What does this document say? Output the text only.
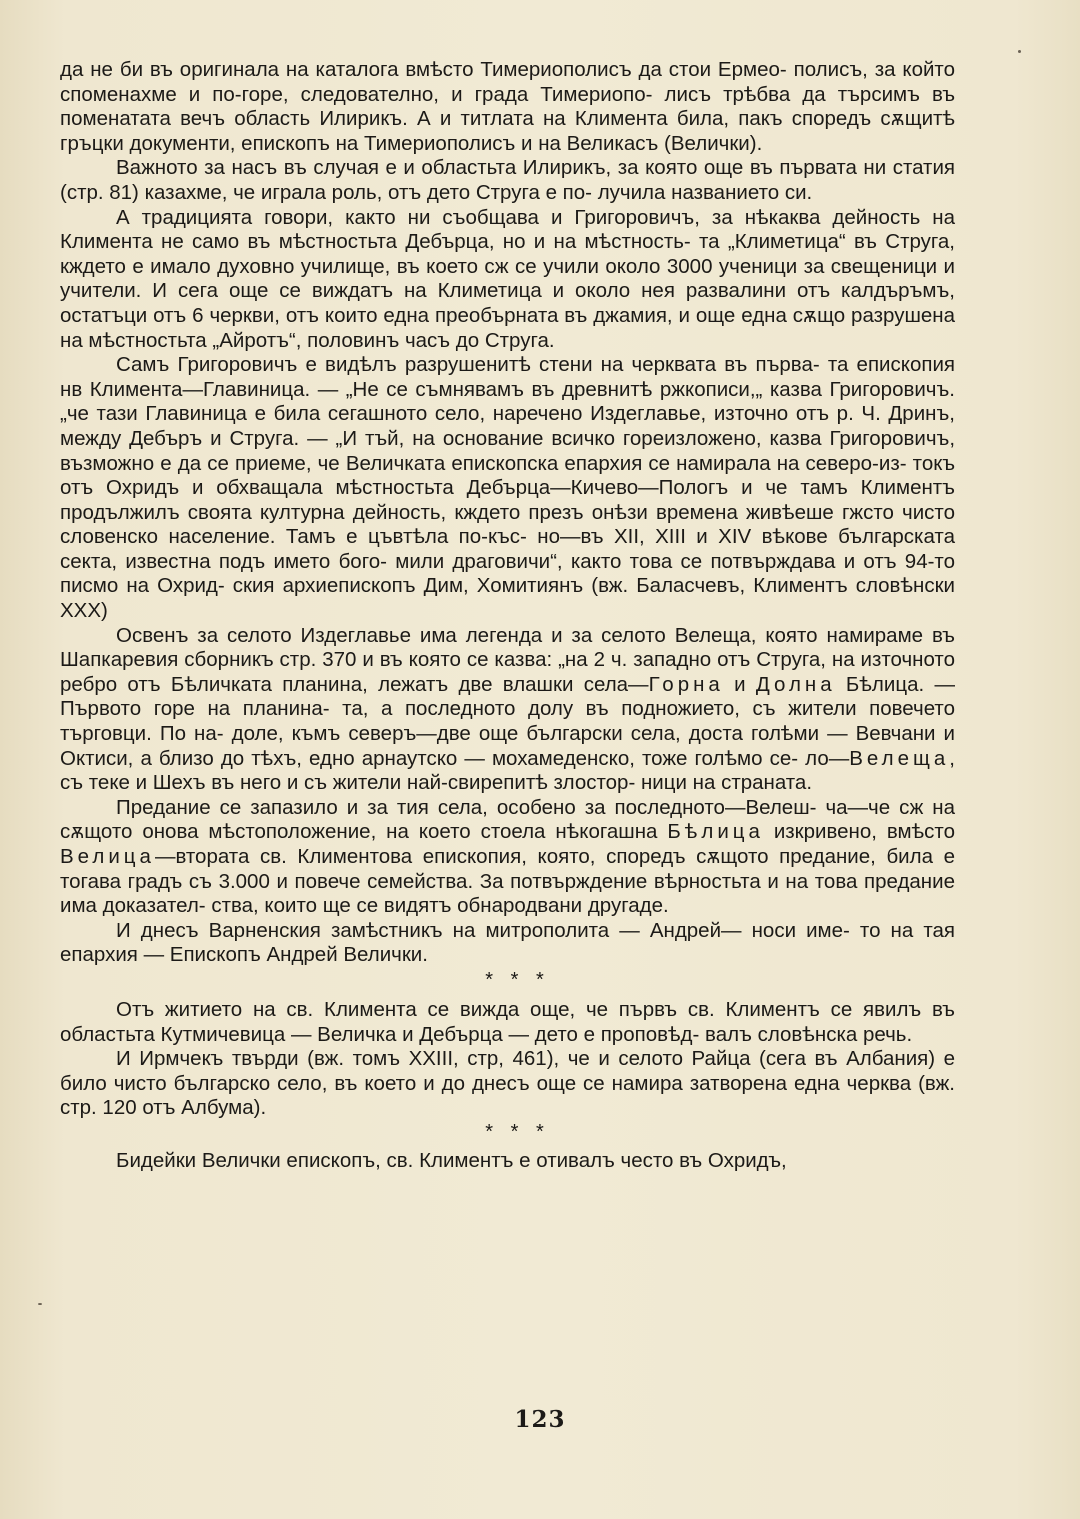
да не би въ оригинала на каталога вмѣсто Тимериополисъ да стои Ермео- полисъ, за който споменахме и по-горе, следователно, и града Тимериопо- лисъ трѣбва да търсимъ въ поменатата вечъ область Илирикъ. А и титлата на Климента била, пакъ споредъ сѫщитѣ гръцки документи, епископъ на Тимериополисъ и на Великасъ (Велички).

Важното за насъ въ случая е и областьта Илирикъ, за която още въ първата ни статия (стр. 81) казахме, че играла роль, отъ дето Струга е по- лучила названието си.

А традицията говори, както ни съобщава и Григоровичъ, за нѣкаква дейность на Климента не само въ мѣстностьта Дебърца, но и на мѣстность- та „Климетица“ въ Струга, кждето е имало духовно училище, въ което сж се учили около 3000 ученици за свещеници и учители. И сега още се виждатъ на Климетица и около нея развалини отъ калдъръмъ, остатъци отъ 6 черкви, отъ които една преобърната въ джамия, и още една сѫщо разрушена на мѣстностьта „Айротъ“, половинъ часъ до Струга.

Самъ Григоровичъ е видѣлъ разрушенитѣ стени на черквата въ първа- та епископия нв Климента—Главиница. — „Не се съмнявамъ въ древнитѣ ржкописи,„ казва Григоровичъ. „че тази Главиница е била сегашното село, наречено Издеглавье, източно отъ р. Ч. Дринъ, между Дебъръ и Струга. — „И тъй, на основание всичко гореизложено, казва Григоровичъ, възможно е да се приеме, че Величката епископска епархия се намирала на северо-из- токъ отъ Охридъ и обхващала мѣстностьта Дебърца—Кичево—Пологъ и че тамъ Климентъ продължилъ своята културна дейность, кждето презъ онѣзи времена живѣеше гжсто чисто словенско население. Тамъ е цъвтѣла по-къс- но—въ XII, XIII и XIV вѣкове българската секта, известна подъ името бого- мили драговичи“, както това се потвърждава и отъ 94-то писмо на Охрид- ския архиепископъ Дим, Хомитиянъ (вж. Баласчевъ, Климентъ словѣнски XXX)

Освенъ за селото Издеглавье има легенда и за селото Велеща, която намираме въ Шапкаревия сборникъ стр. 370 и въ която се казва: „на 2 ч. западно отъ Струга, на източното ребро отъ Бѣличката планина, лежатъ две влашки села—Горна и Долна Бѣлица. — Първото горе на планина- та, а последното долу въ подножието, съ жители повечето търговци. По на- доле, къмъ северъ—две още български села, доста голѣми — Вевчани и Октиси, а близо до тѣхъ, едно арнаутско — мохамеденско, тоже голѣмо се- ло—Велеща, съ теке и Шехъ въ него и съ жители най-свирепитѣ злостор- ници на страната.

Предание се запазило и за тия села, особено за последното—Велеш- ча—че сж на сѫщото онова мѣстоположение, на което стоела нѣкогашна Бѣлица изкривено, вмѣсто Велица—втората св. Климентова епископия, която, споредъ сѫщото предание, била е тогава градъ съ 3.000 и повече семейства. За потвърждение вѣрностьта и на това предание има доказател- ства, които ще се видятъ обнародвани другаде.

И днесъ Варненския замѣстникъ на митрополита — Андрей— носи име- то на тая епархия — Епископъ Андрей Велички.

* * *

Отъ житието на св. Климента се вижда още, че първъ св. Климентъ се явилъ въ областьта Кутмичевица — Величка и Дебърца — дето е проповѣд- валъ словѣнска речь.

И Ирмчекъ твърди (вж. томъ XXIII, стр, 461), че и селото Райца (сега въ Албания) е било чисто българско село, въ което и до днесъ още се намира затворена една черква (вж. стр. 120 отъ Албума).

* * *

Бидейки Велички епископъ, св. Климентъ е отивалъ често въ Охридъ,

123
